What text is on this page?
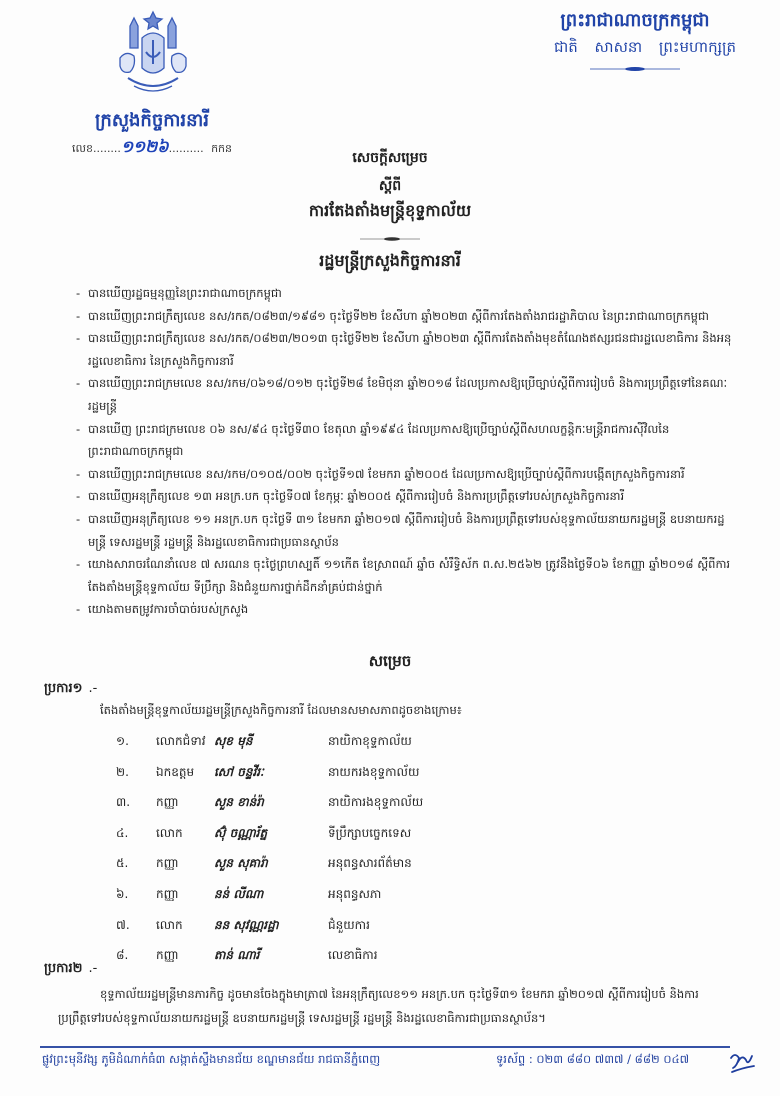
ក្រសួងកិច្ចការនារី
លេខ........១១២៦.......... កកន
ព្រះរាជាណាចក្រកម្ពុជា
ជាតិ សាសនា ព្រះមហាក្សត្រ
សេចក្ដីសម្រេច
ស្ដីពី
ការតែងតាំងមន្ត្រីខុទ្ទកាល័យ
រដ្ឋមន្ត្រីក្រសួងកិច្ចការនារី
- បានឃើញរដ្ឋធម្មនុញ្ញនៃព្រះរាជាណាចក្រកម្ពុជា
- បានឃើញព្រះរាជក្រឹត្យលេខ នស/រកត/០៨២៣/១៩៨១ ចុះថ្ងៃទី២២ ខែសីហា ឆ្នាំ២០២៣ ស្ដីពីការតែងតាំងរាជរដ្ឋាភិបាល នៃព្រះរាជាណាចក្រកម្ពុជា
- បានឃើញព្រះរាជក្រឹត្យលេខ នស/រកត/០៨២៣/២០១៣ ចុះថ្ងៃទី២២ ខែសីហា ឆ្នាំ២០២៣ ស្ដីពីការតែងតាំងមុខតំណែងឥស្សរជនជារដ្ឋលេខាធិការ និងអនុរដ្ឋលេខាធិការ នៃក្រសួងកិច្ចការនារី
- បានឃើញព្រះរាជក្រមលេខ នស/រកម/០៦១៨/០១២ ចុះថ្ងៃទី២៨ ខែមិថុនា ឆ្នាំ២០១៨ ដែលប្រកាសឱ្យប្រើច្បាប់ស្ដីពីការរៀបចំ និងការប្រព្រឹត្តទៅនៃគណៈរដ្ឋមន្ត្រី
- បានឃើញ ព្រះរាជក្រមលេខ ០៦ នស/៩៤ ចុះថ្ងៃទី៣០ ខែតុលា ឆ្នាំ១៩៩៤ ដែលប្រកាសឱ្យប្រើច្បាប់ស្ដីពីសហលក្ខន្តិកៈមន្ត្រីរាជការស៊ីវិលនៃព្រះរាជាណាចក្រកម្ពុជា
- បានឃើញព្រះរាជក្រមលេខ នស/រកម/០១០៥/០០២ ចុះថ្ងៃទី១៧ ខែមករា ឆ្នាំ២០០៥ ដែលប្រកាសឱ្យប្រើច្បាប់ស្ដីពីការបង្កើតក្រសួងកិច្ចការនារី
- បានឃើញអនុក្រឹត្យលេខ ១៣ អនក្រ.បក ចុះថ្ងៃទី០៧ ខែកុម្ភៈ ឆ្នាំ២០០៥ ស្ដីពីការរៀបចំ និងការប្រព្រឹត្តទៅរបស់ក្រសួងកិច្ចការនារី
- បានឃើញអនុក្រឹត្យលេខ ១១ អនក្រ.បក ចុះថ្ងៃទី ៣១ ខែមករា ឆ្នាំ២០១៧ ស្ដីពីការរៀបចំ និងការប្រព្រឹត្តទៅរបស់ខុទ្ទកាល័យនាយករដ្ឋមន្ត្រី ឧបនាយករដ្ឋមន្ត្រី ទេសរដ្ឋមន្ត្រី រដ្ឋមន្ត្រី និងរដ្ឋលេខាធិការជាប្រធានស្ថាប័ន
- យោងសារាចរណែនាំលេខ ៧ សរណន ចុះថ្ងៃព្រហស្បតិ៍ ១១កើត ខែស្រាពណ៍ ឆ្នាំច សំរឹទ្ធិស័ក ព.ស.២៥៦២ ត្រូវនឹងថ្ងៃទី០៦ ខែកញ្ញា ឆ្នាំ២០១៨ ស្ដីពីការតែងតាំងមន្ត្រីខុទ្ទកាល័យ ទីប្រឹក្សា និងជំនួយការថ្នាក់ដឹកនាំគ្រប់ជាន់ថ្នាក់
- យោងតាមតម្រូវការចាំបាច់របស់ក្រសួង
សម្រេច
ប្រការ១ .-
តែងតាំងមន្ត្រីខុទ្ទកាល័យរដ្ឋមន្ត្រីក្រសួងកិច្ចការនារី ដែលមានសមាសភាពដូចខាងក្រោម៖
១. លោកជំទាវ សុខ មុនី	នាយិកាខុទ្ទកាល័យ
២. ឯកឧត្ដម សៅ ចន្ទវីរៈ	នាយករងខុទ្ទកាល័យ
៣. កញ្ញា	សួន ខាន់រ៉ា	នាយិការងខុទ្ទកាល័យ
៤. លោក	ស៊ុំ ចណ្ណារ័ត្ន	ទីប្រឹក្សាបច្ចេកទេស
៥. កញ្ញា	សួន សុគារ៉ា	អនុពន្ធសារព័ត៌មាន
៦. កញ្ញា	នន់ លីណា	អនុពន្ធសភា
៧. លោក	នន សុវណ្ណរដ្ឋា	ជំនួយការ
៨. កញ្ញា	តាន់ ណារី	លេខាធិការ
ប្រការ២ .-
ខុទ្ទកាល័យរដ្ឋមន្ត្រីមានភារកិច្ច ដូចមានចែងក្នុងមាត្រា៧ នៃអនុក្រឹត្យលេខ១១ អនក្រ.បក ចុះថ្ងៃទី៣១ ខែមករា ឆ្នាំ២០១៧ ស្ដីពីការរៀបចំ និងការប្រព្រឹត្តទៅរបស់ខុទ្ទកាល័យនាយករដ្ឋមន្ត្រី ឧបនាយករដ្ឋមន្ត្រី ទេសរដ្ឋមន្ត្រី រដ្ឋមន្ត្រី និងរដ្ឋលេខាធិការជាប្រធានស្ថាប័ន។
ផ្លូវព្រះមុនីវង្ស ភូមិដំណាក់ធំ៣ សង្កាត់ស្ទឹងមានជ័យ ខណ្ឌមានជ័យ រាជធានីភ្នំពេញ	ទូរស័ព្ទ : ០២៣ ៨៨០ ៧៣៧ / ៨៨២ ០៤៧
